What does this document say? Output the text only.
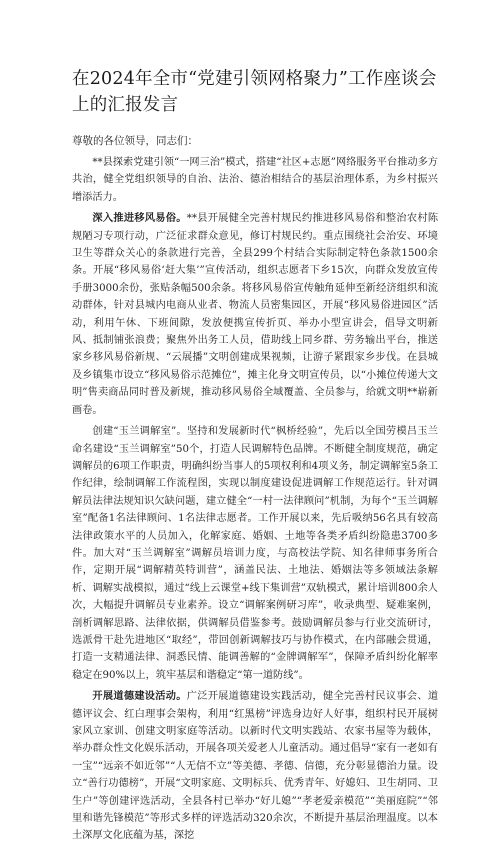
在2024年全市“党建引领网格聚力”工作座谈会上的汇报发言

尊敬的各位领导，同志们：

**县探索党建引领“一网三治”模式，搭建“社区+志愿”网络服务平台推动多方共治，健全党组织领导的自治、法治、德治相结合的基层治理体系，为乡村振兴增添活力。

深入推进移风易俗。**县开展健全完善村规民约推进移风易俗和整治农村陈规陋习专项行动，广泛征求群众意见，修订村规民约。重点围绕社会治安、环境卫生等群众关心的条款进行完善，全县299个村结合实际制定特色条款1500余条。开展“移风易俗‘赶大集’”宣传活动，组织志愿者下乡15次，向群众发放宣传手册3000余份，张贴条幅500余条。将移风易俗宣传触角延伸至新经济组织和流动群体，针对县城内电商从业者、物流人员密集园区，开展“移风易俗进园区”活动，利用午休、下班间隙，发放便携宣传折页、举办小型宣讲会，倡导文明新风、抵制铺张浪费；聚焦外出务工人员，借助线上同乡群、劳务输出平台，推送家乡移风易俗新规、“云展播”文明创建成果视频，让游子紧跟家乡步伐。在县城及乡镇集市设立“移风易俗示范摊位”，摊主化身文明宣传员，以“小摊位传递大文明”售卖商品同时普及新规，推动移风易俗全域覆盖、全员参与，给就文明**崭新画卷。

创建“玉兰调解室”。坚持和发展新时代“枫桥经验”，先后以全国劳模吕玉兰命名建设“玉兰调解室”50个，打造人民调解特色品牌。不断健全制度规范，确定调解员的6项工作职责，明确纠纷当事人的5项权利和4项义务，制定调解室5条工作纪律，绘制调解工作流程图，实现以制度建设促进调解工作规范运行。针对调解员法律法规知识欠缺问题，建立健全“一村一法律顾问”机制，为每个“玉兰调解室”配备1名法律顾问、1名法律志愿者。工作开展以来，先后吸纳56名具有较高法律政策水平的人员加入，化解家庭、婚姻、土地等各类矛盾纠纷隐患3700多件。加大对“玉兰调解室”调解员培训力度，与高校法学院、知名律师事务所合作，定期开展“调解精英特训营”，涵盖民法、土地法、婚姻法等多领域法条解析、调解实战模拟，通过“线上云课堂+线下集训营”双轨模式，累计培训800余人次，大幅提升调解员专业素养。设立“调解案例研习库”，收录典型、疑难案例，剖析调解思路、法律依据，供调解员借鉴参考。鼓励调解员参与行业交流研讨，选派骨干赴先进地区“取经”，带回创新调解技巧与协作模式，在内部融会贯通，打造一支精通法律、洞悉民情、能调善解的“金牌调解军”，保障矛盾纠纷化解率稳定在90%以上，筑牢基层和谐稳定“第一道防线”。

开展道德建设活动。广泛开展道德建设实践活动，健全完善村民议事会、道德评议会、红白理事会架构，利用“红黑榜”评选身边好人好事，组织村民开展树家风立家训、创建文明家庭等活动。以新时代文明实践站、农家书屋等为载体，举办群众性文化娱乐活动，开展各项关爱老人儿童活动。通过倡导“家有一老如有一宝”“远亲不如近邻”“人无信不立”等美德、孝德、信德，充分彰显德治力量。设立“善行功德榜”，开展“文明家庭、文明标兵、优秀青年、好媳妇、卫生胡同、卫生户”等创建评选活动，全县各村已举办“好儿媳”“孝老爱亲模范”“美丽庭院”“邻里和谐先锋模范”等形式多样的评选活动320余次，不断提升基层治理温度。以本土深厚文化底蕴为基，深挖
